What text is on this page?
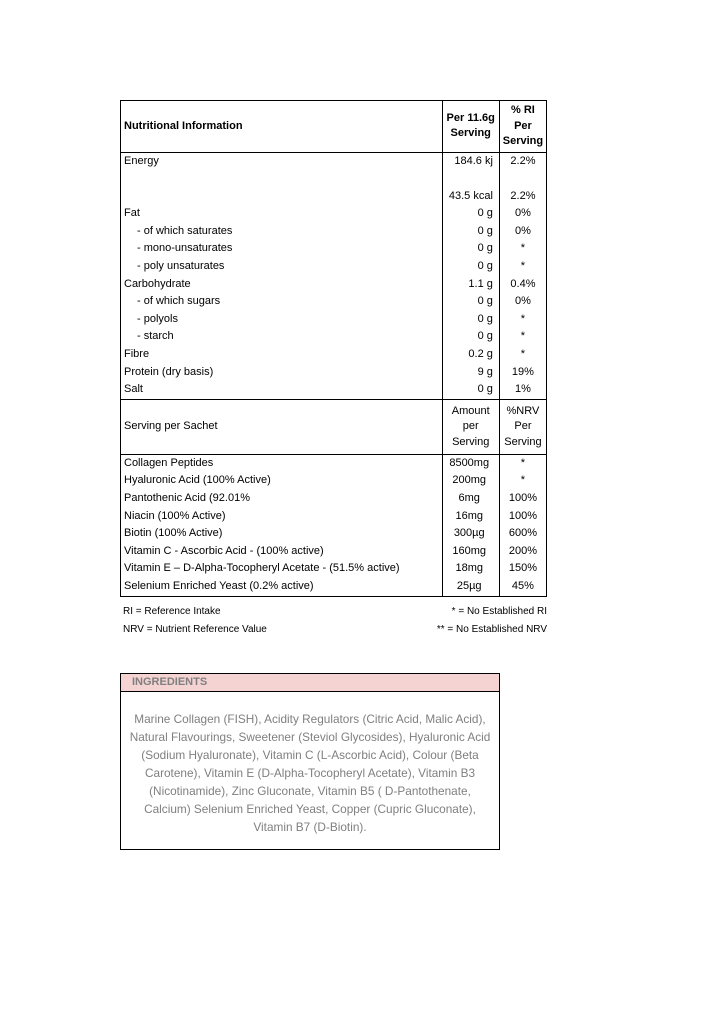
Nutritional Information	Per 11.6g Serving	% RI Per Serving
Energy	184.6 kj	2.2%

	43.5 kcal	2.2%
Fat	0 g	0%
- of which saturates	0 g	0%
- mono-unsaturates	0 g	*
- poly unsaturates	0 g	*
Carbohydrate	1.1 g	0.4%
- of which sugars	0 g	0%
- polyols	0 g	*
- starch	0 g	*
Fibre	0.2 g	*
Protein (dry basis)	9 g	19%
Salt	0 g	1%
Serving per Sachet	Amount per Serving	%NRV Per Serving
Collagen Peptides	8500mg	*
Hyaluronic Acid (100% Active)	200mg	*
Pantothenic Acid (92.01%	6mg	100%
Niacin (100% Active)	16mg	100%
Biotin (100% Active)	300µg	600%
Vitamin C - Ascorbic Acid - (100% active)	160mg	200%
Vitamin E – D-Alpha-Tocopheryl Acetate - (51.5% active)	18mg	150%
Selenium Enriched Yeast (0.2% active)	25µg	45%
RI = Reference Intake	* = No Established RI
NRV = Nutrient Reference Value	** = No Established NRV
INGREDIENTS
Marine Collagen (FISH), Acidity Regulators (Citric Acid, Malic Acid), Natural Flavourings, Sweetener (Steviol Glycosides), Hyaluronic Acid (Sodium Hyaluronate), Vitamin C (L-Ascorbic Acid), Colour (Beta Carotene), Vitamin E (D-Alpha-Tocopheryl Acetate), Vitamin B3 (Nicotinamide), Zinc Gluconate, Vitamin B5 ( D-Pantothenate, Calcium) Selenium Enriched Yeast, Copper (Cupric Gluconate), Vitamin B7 (D-Biotin).
